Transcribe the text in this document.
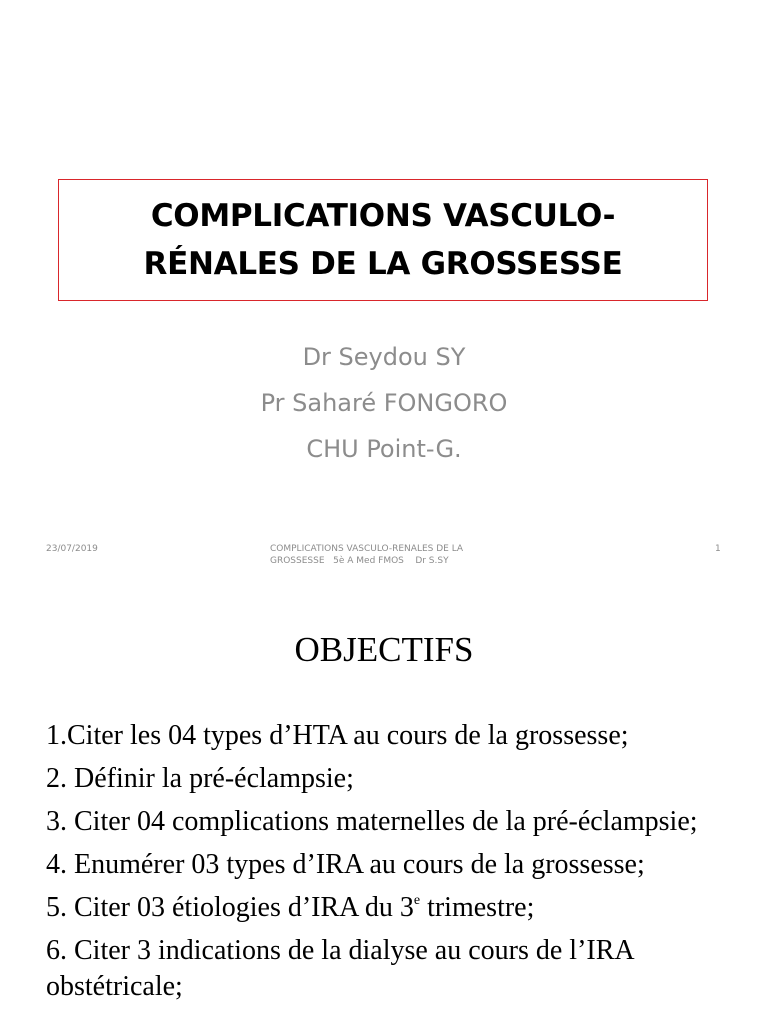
COMPLICATIONS VASCULO-
RÉNALES DE LA GROSSESSE
Dr Seydou SY
Pr Saharé FONGORO
CHU Point-G.
23/07/2019	COMPLICATIONS VASCULO-RENALES DE LA
GROSSESSE   5è A Med FMOS    Dr S.SY
1
OBJECTIFS
1.Citer les 04 types d’HTA au cours de la grossesse;
2. Définir la pré-éclampsie;
3. Citer 04 complications maternelles de la pré-éclampsie;
4. Enumérer 03 types d’IRA au cours de la grossesse;
5. Citer 03 étiologies d’IRA du 3e trimestre;
6. Citer 3 indications de la dialyse au cours de l’IRA obstétricale;
